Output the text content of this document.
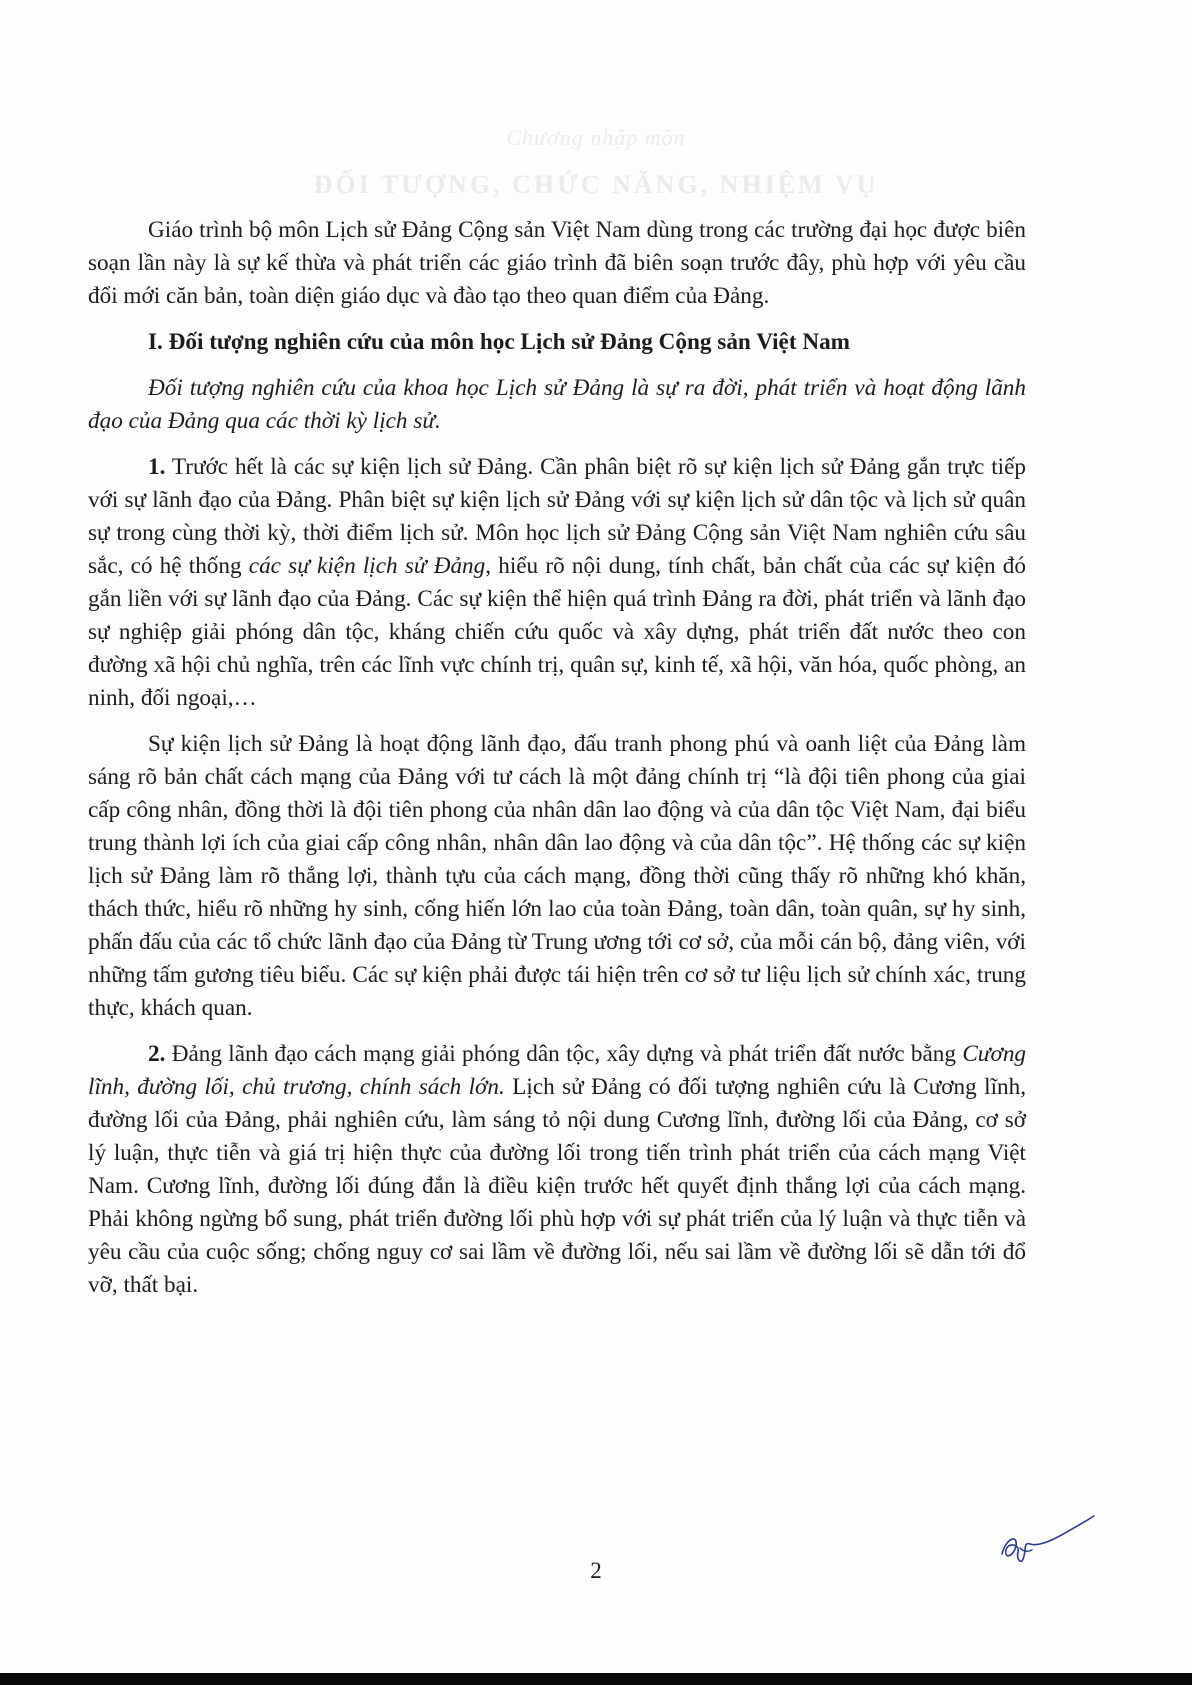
Chương nhập môn
ĐỐI TƯỢNG, CHỨC NĂNG, NHIỆM VỤ

Giáo trình bộ môn Lịch sử Đảng Cộng sản Việt Nam dùng trong các trường đại học được biên soạn lần này là sự kế thừa và phát triển các giáo trình đã biên soạn trước đây, phù hợp với yêu cầu đổi mới căn bản, toàn diện giáo dục và đào tạo theo quan điểm của Đảng.

I. Đối tượng nghiên cứu của môn học Lịch sử Đảng Cộng sản Việt Nam

Đối tượng nghiên cứu của khoa học Lịch sử Đảng là sự ra đời, phát triển và hoạt động lãnh đạo của Đảng qua các thời kỳ lịch sử.

1. Trước hết là các sự kiện lịch sử Đảng. Cần phân biệt rõ sự kiện lịch sử Đảng gắn trực tiếp với sự lãnh đạo của Đảng. Phân biệt sự kiện lịch sử Đảng với sự kiện lịch sử dân tộc và lịch sử quân sự trong cùng thời kỳ, thời điểm lịch sử. Môn học lịch sử Đảng Cộng sản Việt Nam nghiên cứu sâu sắc, có hệ thống các sự kiện lịch sử Đảng, hiểu rõ nội dung, tính chất, bản chất của các sự kiện đó gắn liền với sự lãnh đạo của Đảng. Các sự kiện thể hiện quá trình Đảng ra đời, phát triển và lãnh đạo sự nghiệp giải phóng dân tộc, kháng chiến cứu quốc và xây dựng, phát triển đất nước theo con đường xã hội chủ nghĩa, trên các lĩnh vực chính trị, quân sự, kinh tế, xã hội, văn hóa, quốc phòng, an ninh, đối ngoại,…

Sự kiện lịch sử Đảng là hoạt động lãnh đạo, đấu tranh phong phú và oanh liệt của Đảng làm sáng rõ bản chất cách mạng của Đảng với tư cách là một đảng chính trị “là đội tiên phong của giai cấp công nhân, đồng thời là đội tiên phong của nhân dân lao động và của dân tộc Việt Nam, đại biểu trung thành lợi ích của giai cấp công nhân, nhân dân lao động và của dân tộc”. Hệ thống các sự kiện lịch sử Đảng làm rõ thắng lợi, thành tựu của cách mạng, đồng thời cũng thấy rõ những khó khăn, thách thức, hiểu rõ những hy sinh, cống hiến lớn lao của toàn Đảng, toàn dân, toàn quân, sự hy sinh, phấn đấu của các tổ chức lãnh đạo của Đảng từ Trung ương tới cơ sở, của mỗi cán bộ, đảng viên, với những tấm gương tiêu biểu. Các sự kiện phải được tái hiện trên cơ sở tư liệu lịch sử chính xác, trung thực, khách quan.

2. Đảng lãnh đạo cách mạng giải phóng dân tộc, xây dựng và phát triển đất nước bằng Cương lĩnh, đường lối, chủ trương, chính sách lớn. Lịch sử Đảng có đối tượng nghiên cứu là Cương lĩnh, đường lối của Đảng, phải nghiên cứu, làm sáng tỏ nội dung Cương lĩnh, đường lối của Đảng, cơ sở lý luận, thực tiễn và giá trị hiện thực của đường lối trong tiến trình phát triển của cách mạng Việt Nam. Cương lĩnh, đường lối đúng đắn là điều kiện trước hết quyết định thắng lợi của cách mạng. Phải không ngừng bổ sung, phát triển đường lối phù hợp với sự phát triển của lý luận và thực tiễn và yêu cầu của cuộc sống; chống nguy cơ sai lầm về đường lối, nếu sai lầm về đường lối sẽ dẫn tới đổ vỡ, thất bại.

2
